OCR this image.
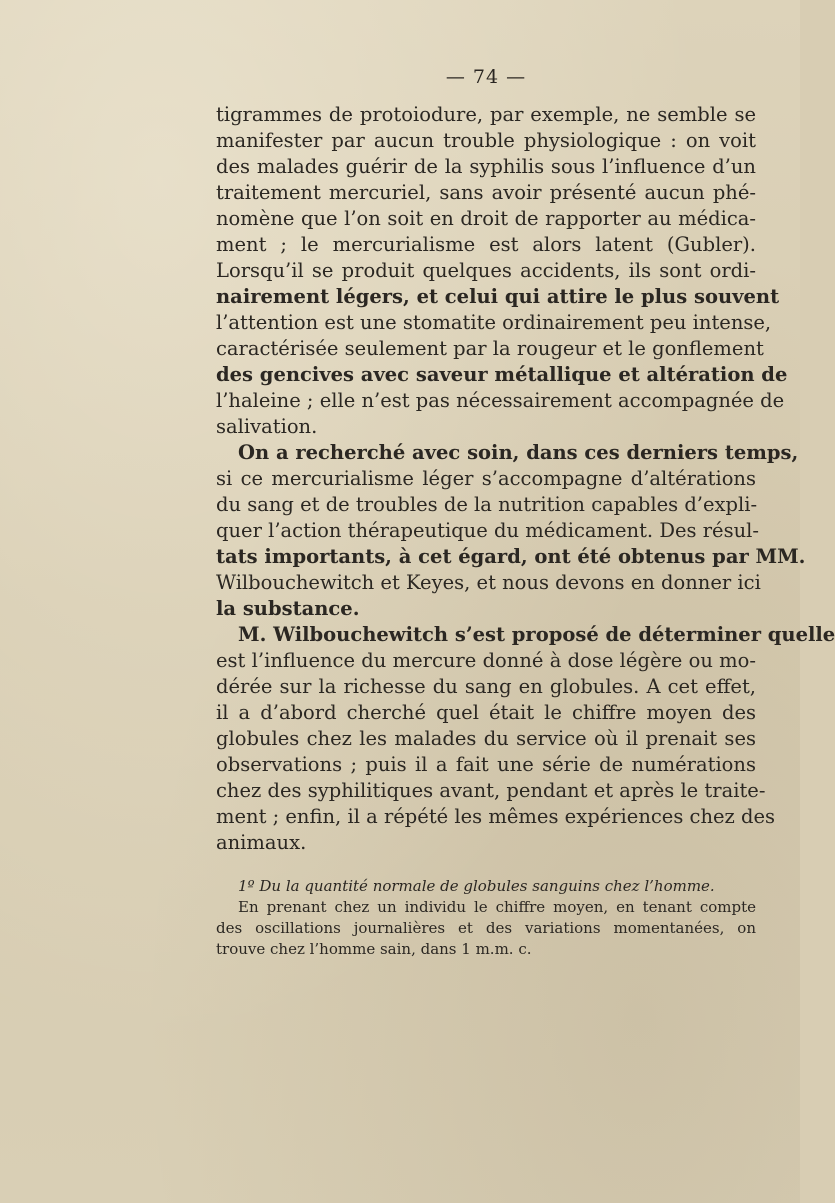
— 74 —
tigrammes de protoiodure, par exemple, ne semble se
manifester par aucun trouble physiologique : on voit
des malades guérir de la syphilis sous l’influence d’un
traitement mercuriel, sans avoir présenté aucun phé-
nomène que l’on soit en droit de rapporter au médica-
ment ; le mercurialisme est alors latent (Gubler).
Lorsqu’il se produit quelques accidents, ils sont ordi-
nairement légers, et celui qui attire le plus souvent
l’attention est une stomatite ordinairement peu intense,
caractérisée seulement par la rougeur et le gonflement
des gencives avec saveur métallique et altération de
l’haleine ; elle n’est pas nécessairement accompagnée de
salivation.
On a recherché avec soin, dans ces derniers temps,
si ce mercurialisme léger s’accompagne d’altérations
du sang et de troubles de la nutrition capables d’expli-
quer l’action thérapeutique du médicament. Des résul-
tats importants, à cet égard, ont été obtenus par MM.
Wilbouchewitch et Keyes, et nous devons en donner ici
la substance.
M. Wilbouchewitch s’est proposé de déterminer quelle
est l’influence du mercure donné à dose légère ou mo-
dérée sur la richesse du sang en globules. A cet effet,
il a d’abord cherché quel était le chiffre moyen des
globules chez les malades du service où il prenait ses
observations ; puis il a fait une série de numérations
chez des syphilitiques avant, pendant et après le traite-
ment ; enfin, il a répété les mêmes expériences chez des
animaux.
1º Du la quantité normale de globules sanguins chez l’homme.
En prenant chez un individu le chiffre moyen, en tenant compte
des oscillations journalières et des variations momentanées, on
trouve chez l’homme sain, dans 1 m.m. c.
